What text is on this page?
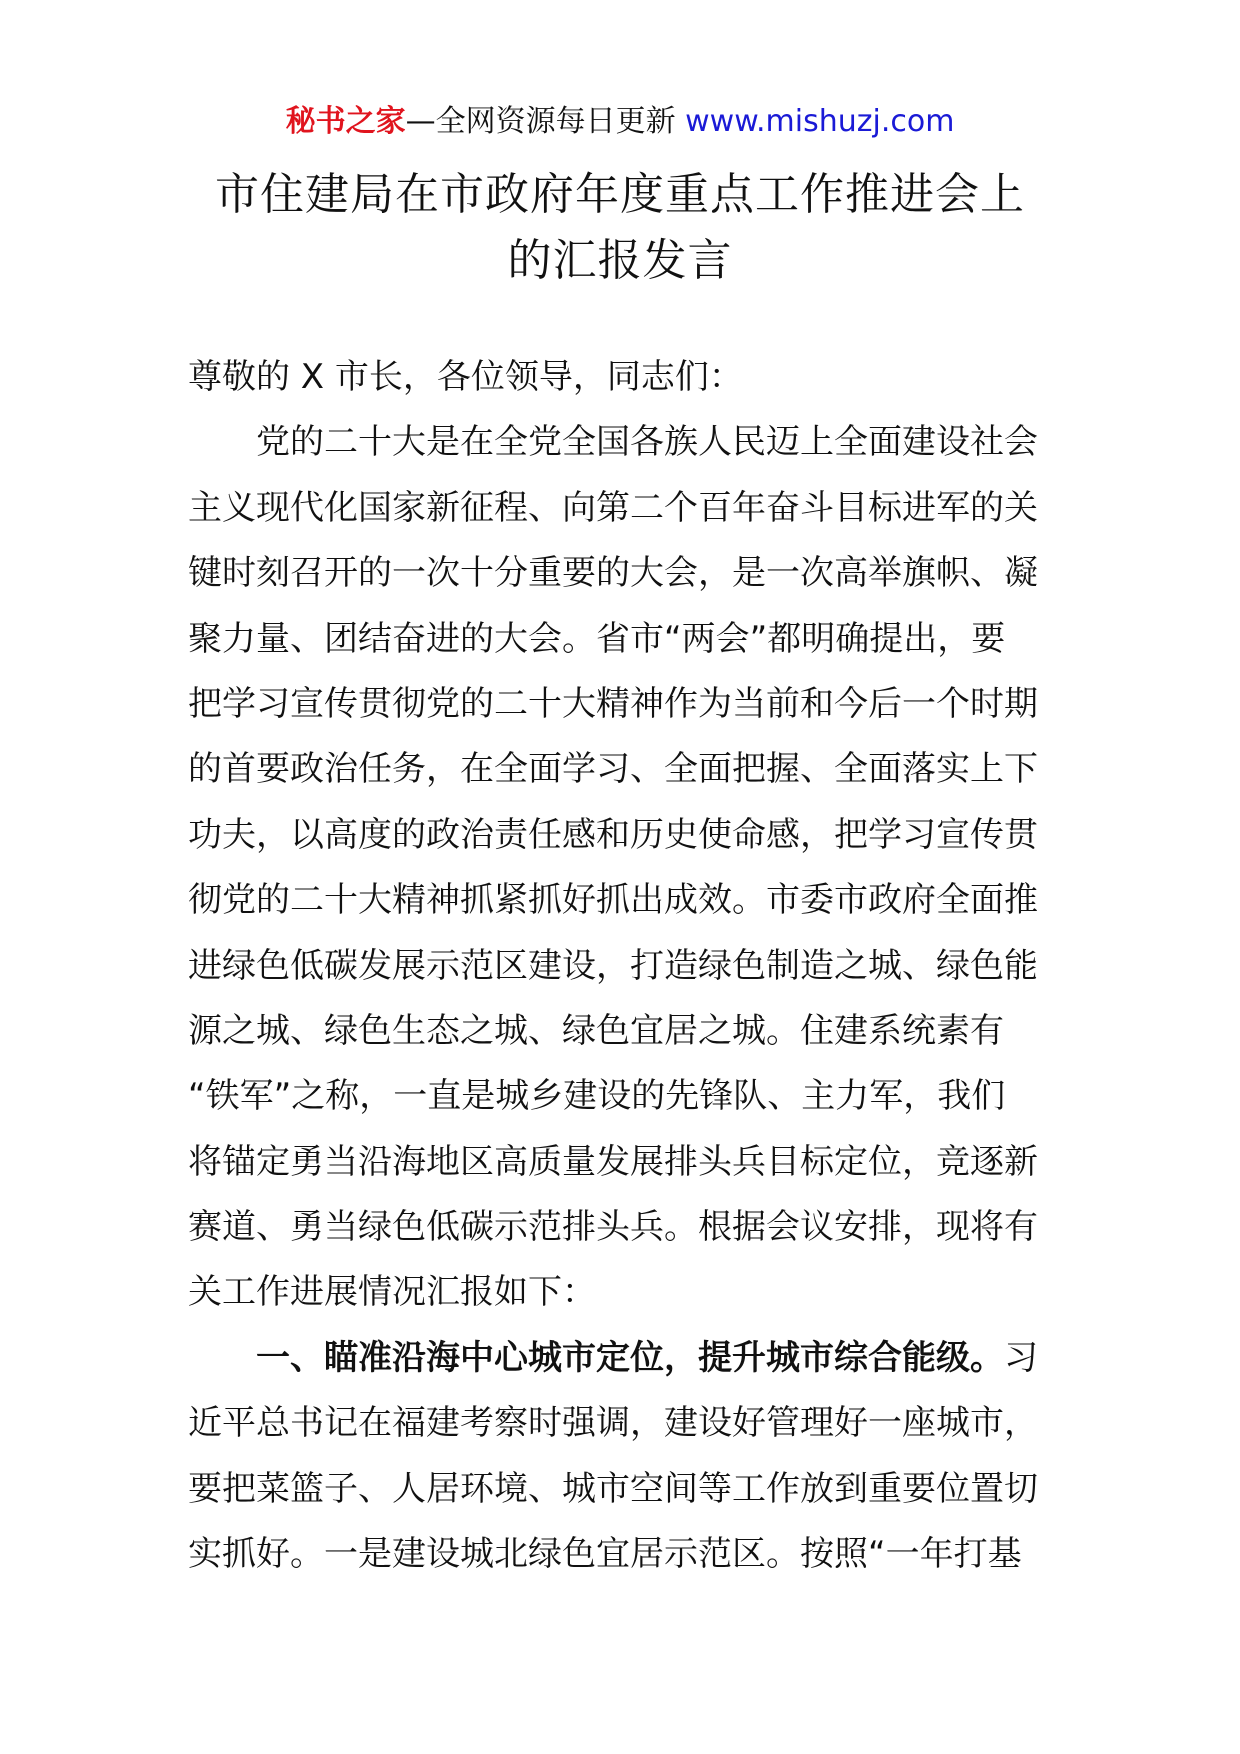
秘书之家—全网资源每日更新 www.mishuzj.com
市住建局在市政府年度重点工作推进会上
的汇报发言
尊敬的 X 市长，各位领导，同志们：
　　党的二十大是在全党全国各族人民迈上全面建设社会
主义现代化国家新征程、向第二个百年奋斗目标进军的关
键时刻召开的一次十分重要的大会，是一次高举旗帜、凝
聚力量、团结奋进的大会。省市“两会”都明确提出，要
把学习宣传贯彻党的二十大精神作为当前和今后一个时期
的首要政治任务，在全面学习、全面把握、全面落实上下
功夫，以高度的政治责任感和历史使命感，把学习宣传贯
彻党的二十大精神抓紧抓好抓出成效。市委市政府全面推
进绿色低碳发展示范区建设，打造绿色制造之城、绿色能
源之城、绿色生态之城、绿色宜居之城。住建系统素有
“铁军”之称，一直是城乡建设的先锋队、主力军，我们
将锚定勇当沿海地区高质量发展排头兵目标定位，竞逐新
赛道、勇当绿色低碳示范排头兵。根据会议安排，现将有
关工作进展情况汇报如下：
　　一、瞄准沿海中心城市定位，提升城市综合能级。习
近平总书记在福建考察时强调，建设好管理好一座城市，
要把菜篮子、人居环境、城市空间等工作放到重要位置切
实抓好。一是建设城北绿色宜居示范区。按照“一年打基
